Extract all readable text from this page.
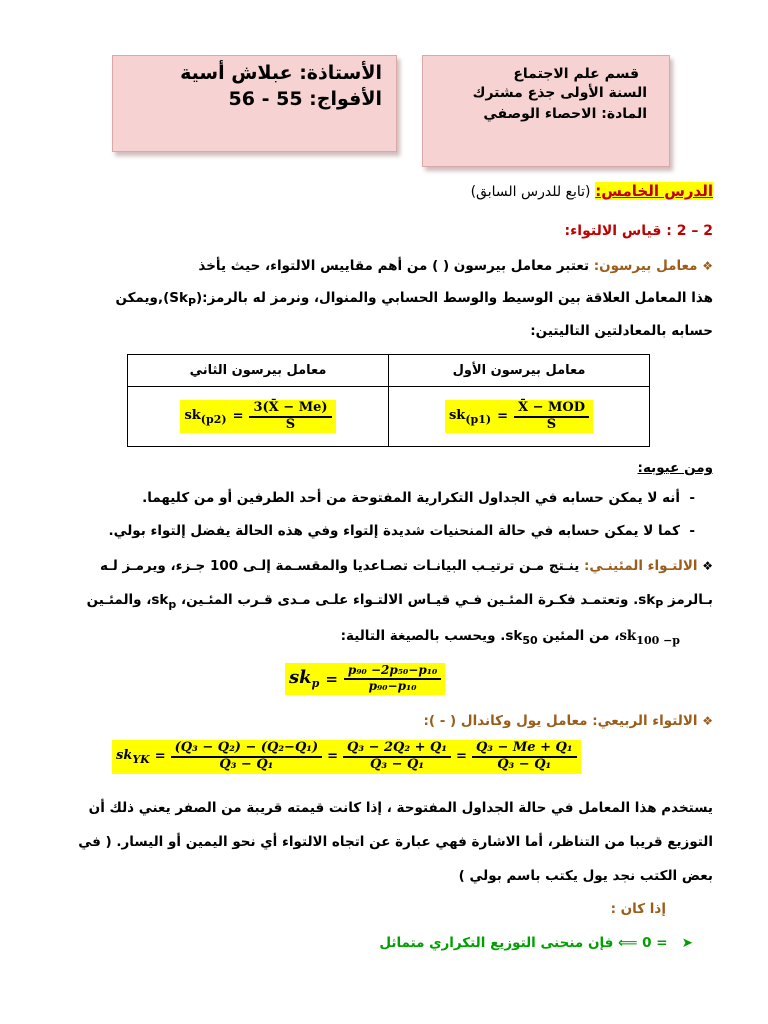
الأستاذة: عبلاش أسية
الأفواج: 55 - 56
قسم علم الاجتماع
السنة الأولى جذع مشترك
المادة: الاحصاء الوصفي
الدرس الخامس: (تابع للدرس السابق)
2 – 2 : قياس الالتواء:
❖ معامل بيرسون: تعتبر معامل بيرسون ( ) من أهم مقاييس الالتواء، حيث يأخذ
هذا المعامل العلاقة بين الوسيط والوسط الحسابي والمنوال، ونرمز له $بالرمز:(Sk_P),ويمكن$
حسابه بالمعادلتين التاليتين:
معامل بيرسون الأول	معامل بيرسون الثاني

$sk_{(p1)} = \frac{\text{X̄ − MOD}}{S}$	$sk_{(p2)} = \frac{3(X̄ - Me)}{S}$
ومن عيوبه:
-  أنه لا يمكن حسابه في الجداول التكرارية المفتوحة من أحد الطرفين أو من كليهما.
-  كما لا يمكن حسابه في حالة المنحنيات شديدة إلتواء وفي هذه الحالة يفضل إلتواء بولي.
❖ الالتـواء المئينـي: ينـتج مـن ترتيـب البيانـات تصـاعديا والمقسـمة إلـى 100 جـزء، ويرمـز لـه
بـالرمز $sk_P$. وتعتمـد فكـرة المئـين فـي قيـاس الالتـواء علـى مـدى قـرب المئـين، $sk_p،$ والمئـين
$sk_{100 -p}،$ من المئين $sk_{50}$. ويحسب بالصيغة التالية:
$sk_p = \frac{\text{p₉₀ −2p₅₀−p₁₀}}{\text{p₉₀−p₁₀}}$
❖ الالتواء الربيعي: معامل يول وكاندال ( - ):
$sk_{YK} = \frac{\text{(Q₃ − Q₂) − (Q₂−Q₁)}}{\text{Q₃ − Q₁}} = \frac{\text{Q₃ − 2Q₂ + Q₁}}{\text{Q₃ − Q₁}} = \frac{\text{Q₃ − Me + Q₁}}{\text{Q₃ − Q₁}}$
يستخدم هذا المعامل في حالة الجداول المفتوحة ، إذا كانت قيمته قريبة من الصفر يعني ذلك أن
التوزيع قريبا من التناظر، أما الاشارة فهي عبارة عن اتجاه الالتواء أي نحو اليمين أو اليسار. ( في
بعض الكتب نجد يول يكتب باسم بولي )
إذا كان :
➤   = 0 ⟸ فإن منحنى التوزيع التكراري متماثل
